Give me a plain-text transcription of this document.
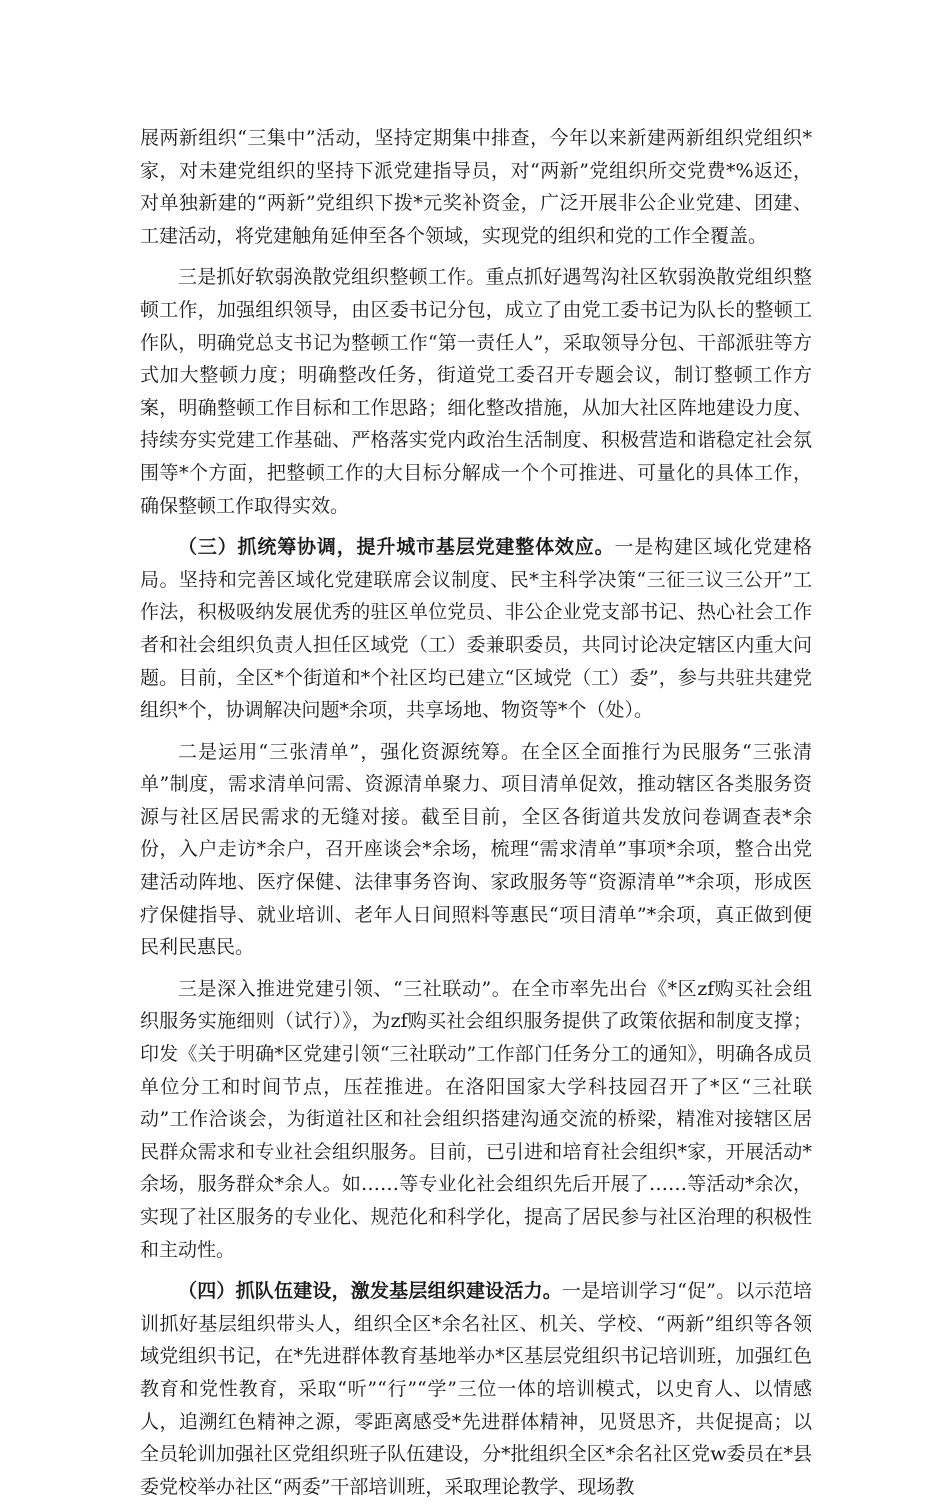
展两新组织“三集中”活动，坚持定期集中排查，今年以来新建两新组织党组织*家，对未建党组织的坚持下派党建指导员，对“两新”党组织所交党费*%返还，对单独新建的“两新”党组织下拨*元奖补资金，广泛开展非公企业党建、团建、工建活动，将党建触角延伸至各个领域，实现党的组织和党的工作全覆盖。

三是抓好软弱涣散党组织整顿工作。重点抓好遇驾沟社区软弱涣散党组织整顿工作，加强组织领导，由区委书记分包，成立了由党工委书记为队长的整顿工作队，明确党总支书记为整顿工作“第一责任人”，采取领导分包、干部派驻等方式加大整顿力度；明确整改任务，街道党工委召开专题会议，制订整顿工作方案，明确整顿工作目标和工作思路；细化整改措施，从加大社区阵地建设力度、持续夯实党建工作基础、严格落实党内政治生活制度、积极营造和谐稳定社会氛围等*个方面，把整顿工作的大目标分解成一个个可推进、可量化的具体工作，确保整顿工作取得实效。

（三）抓统筹协调，提升城市基层党建整体效应。一是构建区域化党建格局。坚持和完善区域化党建联席会议制度、民*主科学决策“三征三议三公开”工作法，积极吸纳发展优秀的驻区单位党员、非公企业党支部书记、热心社会工作者和社会组织负责人担任区域党（工）委兼职委员，共同讨论决定辖区内重大问题。目前，全区*个街道和*个社区均已建立“区域党（工）委”，参与共驻共建党组织*个，协调解决问题*余项，共享场地、物资等*个（处）。

二是运用“三张清单”，强化资源统筹。在全区全面推行为民服务“三张清单”制度，需求清单问需、资源清单聚力、项目清单促效，推动辖区各类服务资源与社区居民需求的无缝对接。截至目前，全区各街道共发放问卷调查表*余份，入户走访*余户，召开座谈会*余场，梳理“需求清单”事项*余项，整合出党建活动阵地、医疗保健、法律事务咨询、家政服务等“资源清单”*余项，形成医疗保健指导、就业培训、老年人日间照料等惠民“项目清单”*余项，真正做到便民利民惠民。

三是深入推进党建引领、“三社联动”。在全市率先出台《*区zf购买社会组织服务实施细则（试行）》，为zf购买社会组织服务提供了政策依据和制度支撑；印发《关于明确*区党建引领“三社联动”工作部门任务分工的通知》，明确各成员单位分工和时间节点，压茬推进。在洛阳国家大学科技园召开了*区“三社联动”工作洽谈会，为街道社区和社会组织搭建沟通交流的桥梁，精准对接辖区居民群众需求和专业社会组织服务。目前，已引进和培育社会组织*家，开展活动*余场，服务群众*余人。如……等专业化社会组织先后开展了……等活动*余次，实现了社区服务的专业化、规范化和科学化，提高了居民参与社区治理的积极性和主动性。

（四）抓队伍建设，激发基层组织建设活力。一是培训学习“促”。以示范培训抓好基层组织带头人，组织全区*余名社区、机关、学校、“两新”组织等各领域党组织书记，在*先进群体教育基地举办*区基层党组织书记培训班，加强红色教育和党性教育，采取“听”“行”“学”三位一体的培训模式，以史育人、以情感人，追溯红色精神之源，零距离感受*先进群体精神，见贤思齐，共促提高；以全员轮训加强社区党组织班子队伍建设，分*批组织全区*余名社区党w委员在*县委党校举办社区“两委”干部培训班，采取理论教学、现场教
